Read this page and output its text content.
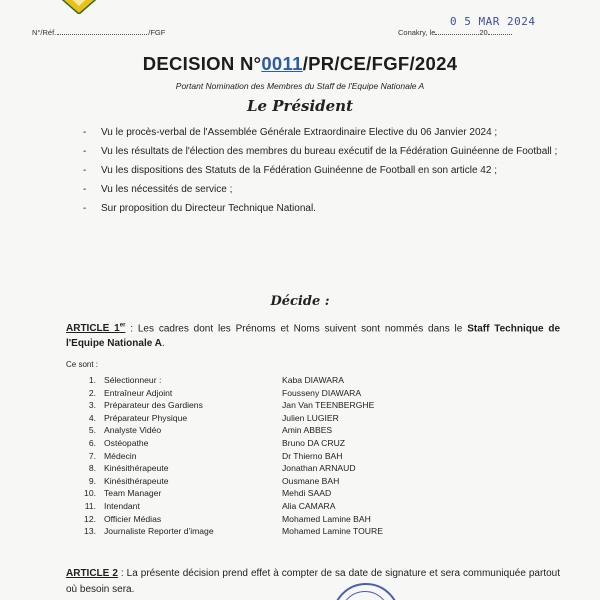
N°/Réf.	/FGF	Conakry, le	20
0 5 MAR 2024
DECISION N°0011/PR/CE/FGF/2024
Portant Nomination des Membres du Staff de l'Equipe Nationale A
Le Président
- Vu le procès-verbal de l'Assemblée Générale Extraordinaire Elective du 06 Janvier 2024 ;
- Vu les résultats de l'élection des membres du bureau exécutif de la Fédération Guinéenne de Football ;
- Vu les dispositions des Statuts de la Fédération Guinéenne de Football en son article 42 ;
- Vu les nécessités de service ;
- Sur proposition du Directeur Technique National.
Décide :
ARTICLE 1er : Les cadres dont les Prénoms et Noms suivent sont nommés dans le Staff Technique de l'Equipe Nationale A.
Ce sont :
1. Sélectionneur :	Kaba DIAWARA
2. Entraîneur Adjoint	Fousseny DIAWARA
3. Préparateur des Gardiens	Jan Van TEENBERGHE
4. Préparateur Physique	Julien LUGIER
5. Analyste Vidéo	Amin ABBES
6. Ostéopathe	Bruno DA CRUZ
7. Médecin	Dr Thierno BAH
8. Kinésithérapeute	Jonathan ARNAUD
9. Kinésithérapeute	Ousmane BAH
10. Team Manager	Mehdi SAAD
11. Intendant	Alia CAMARA
12. Officier Médias	Mohamed Lamine BAH
13. Journaliste Reporter d'image	Mohamed Lamine TOURE
ARTICLE 2 : La présente décision prend effet à compter de sa date de signature et sera communiquée partout où besoin sera.
